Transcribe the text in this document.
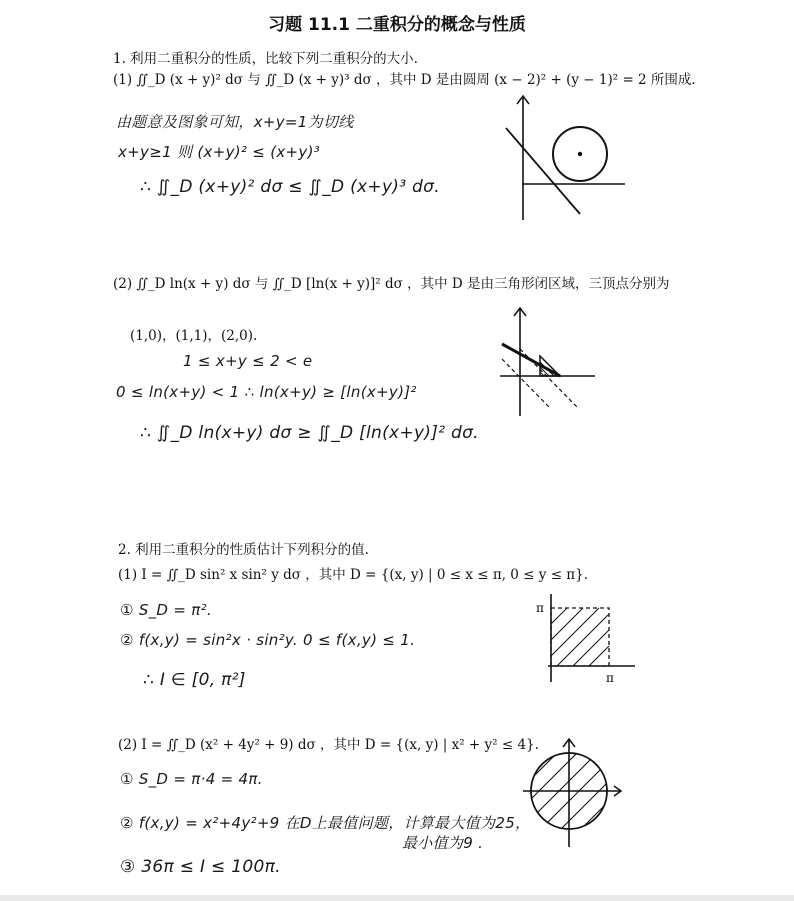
习题 11.1 二重积分的概念与性质
1. 利用二重积分的性质，比较下列二重积分的大小.
(1) ∬_D (x + y)² dσ 与 ∬_D (x + y)³ dσ ，其中 D 是由圆周 (x − 2)² + (y − 1)² = 2 所围成.
由题意及图象可知，x+y=1为切线
x+y≥1 则 (x+y)² ≤ (x+y)³
∴ ∬_D (x+y)² dσ ≤ ∬_D (x+y)³ dσ.
(2) ∬_D ln(x + y) dσ 与 ∬_D [ln(x + y)]² dσ ，其中 D 是由三角形闭区域，三顶点分别为
(1,0)，(1,1)，(2,0).
1 ≤ x+y ≤ 2 < e
0 ≤ ln(x+y) < 1 ∴ ln(x+y) ≥ [ln(x+y)]²
∴ ∬_D ln(x+y) dσ ≥ ∬_D [ln(x+y)]² dσ.
2. 利用二重积分的性质估计下列积分的值.
(1) I = ∬_D sin² x sin² y dσ ，其中 D = {(x, y) | 0 ≤ x ≤ π, 0 ≤ y ≤ π}.
① S_D = π².
② f(x,y) = sin²x · sin²y. 0 ≤ f(x,y) ≤ 1.
∴ I ∈ [0, π²]
π
π
(2) I = ∬_D (x² + 4y² + 9) dσ ，其中 D = {(x, y) | x² + y² ≤ 4}.
① S_D = π·4 = 4π.
② f(x,y) = x²+4y²+9 在D上最值问题，计算最大值为25，
最小值为9 .
③ 36π ≤ I ≤ 100π.
